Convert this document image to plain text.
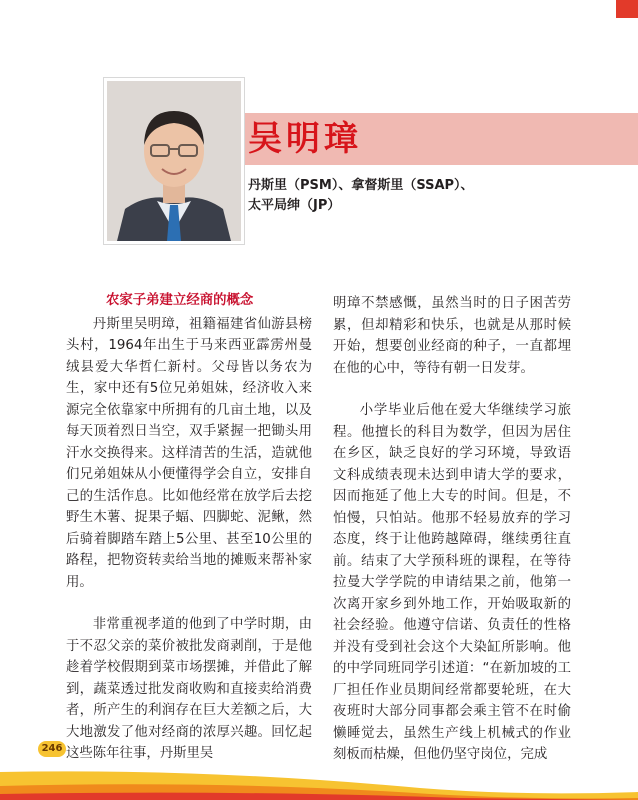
吴明璋
丹斯里（PSM）、拿督斯里（SSAP）、
太平局绅（JP）
农家子弟建立经商的概念

丹斯里吴明璋，祖籍福建省仙游县榜头村，1964年出生于马来西亚霹雳州曼绒县爱大华哲仁新村。父母皆以务农为生，家中还有5位兄弟姐妹，经济收入来源完全依靠家中所拥有的几亩土地，以及每天顶着烈日当空，双手紧握一把锄头用汗水交换得来。这样清苦的生活，造就他们兄弟姐妹从小便懂得学会自立，安排自己的生活作息。比如他经常在放学后去挖野生木薯、捉果子蝠、四脚蛇、泥鳅，然后骑着脚踏车踏上5公里、甚至10公里的路程，把物资转卖给当地的摊贩来帮补家用。

非常重视孝道的他到了中学时期，由于不忍父亲的菜价被批发商剥削，于是他趁着学校假期到菜市场摆摊，并借此了解到，蔬菜透过批发商收购和直接卖给消费者，所产生的利润存在巨大差额之后，大大地激发了他对经商的浓厚兴趣。回忆起这些陈年往事，丹斯里吴

明璋不禁感慨，虽然当时的日子困苦劳累，但却精彩和快乐，也就是从那时候开始，想要创业经商的种子，一直都埋在他的心中，等待有朝一日发芽。

小学毕业后他在爱大华继续学习旅程。他擅长的科目为数学，但因为居住在乡区，缺乏良好的学习环境，导致语文科成绩表现未达到申请大学的要求，因而拖延了他上大专的时间。但是，不怕慢，只怕站。他那不轻易放弃的学习态度，终于让他跨越障碍，继续勇往直前。结束了大学预科班的课程，在等待拉曼大学学院的申请结果之前，他第一次离开家乡到外地工作，开始吸取新的社会经验。他遵守信诺、负责任的性格并没有受到社会这个大染缸所影响。他的中学同班同学引述道：“在新加坡的工厂担任作业员期间经常都要轮班，在大夜班时大部分同事都会乘主管不在时偷懒睡觉去，虽然生产线上机械式的作业刻板而枯燥，但他仍坚守岗位，完成

246
